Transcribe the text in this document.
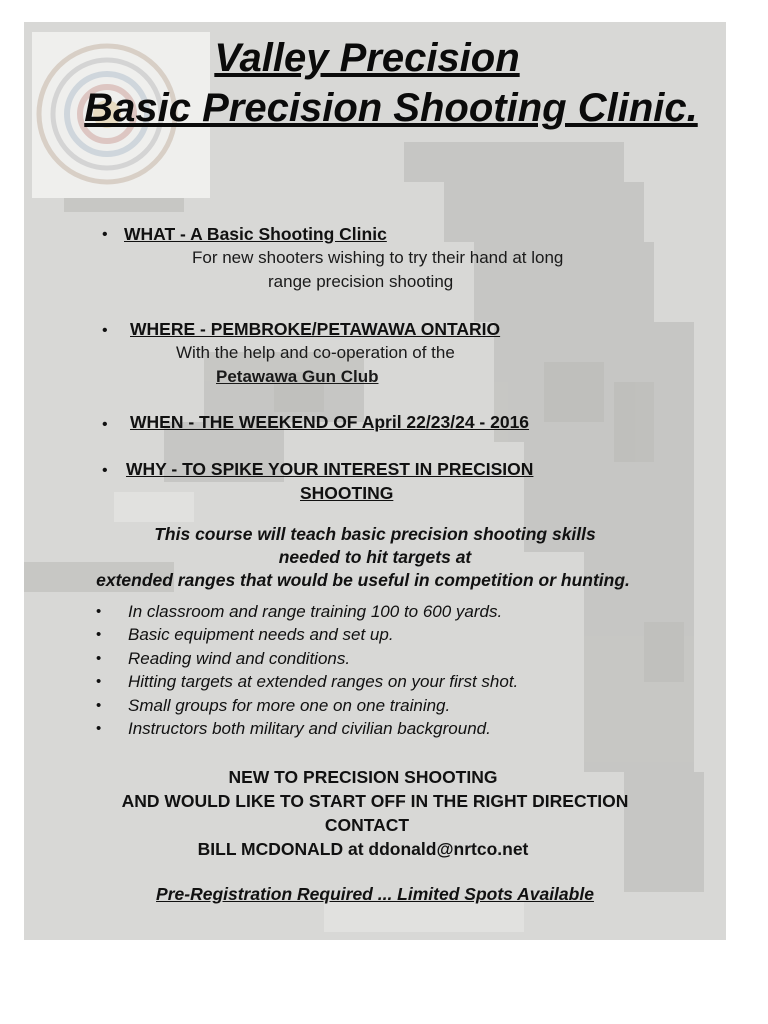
Valley Precision
Basic Precision Shooting Clinic.
• WHAT - A Basic Shooting Clinic
For new shooters wishing to try their hand at long
range precision shooting
• WHERE - PEMBROKE/PETAWAWA ONTARIO
With the help and co-operation of the
Petawawa Gun Club
• WHEN - THE WEEKEND OF April 22/23/24 - 2016
• WHY - TO SPIKE YOUR INTEREST IN PRECISION
SHOOTING
This course will teach basic precision shooting skills
needed to hit targets at
extended ranges that would be useful in competition or hunting.
• In classroom and range training 100 to 600 yards.
• Basic equipment needs and set up.
• Reading wind and conditions.
• Hitting targets at extended ranges on your first shot.
• Small groups for more one on one training.
• Instructors both military and civilian background.
NEW TO PRECISION SHOOTING
AND WOULD LIKE TO START OFF IN THE RIGHT DIRECTION
CONTACT
BILL MCDONALD at ddonald@nrtco.net
Pre-Registration Required ... Limited Spots Available
